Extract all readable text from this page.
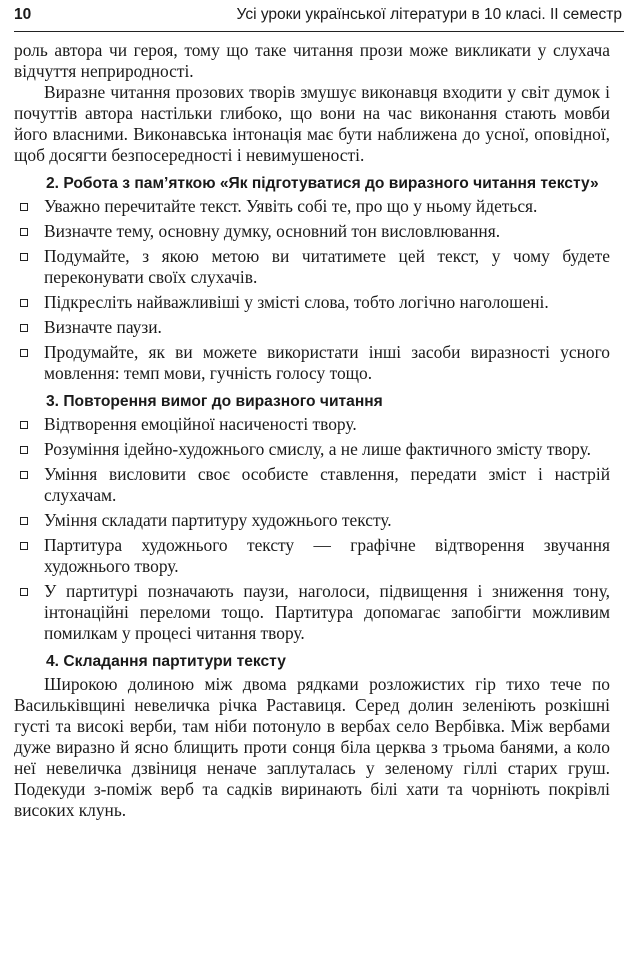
10	Усі уроки української літератури в 10 класі. ІІ семестр

роль автора чи героя, тому що таке читання прози може викликати у слухача відчуття неприродності.

Виразне читання прозових творів змушує виконавця входити у світ думок і почуттів автора настільки глибоко, що вони на час виконання стають мовби його власними. Виконавська інтонація має бути наближена до усної, оповідної, щоб досягти безпосередності і невимушеності.

2. Робота з пам’яткою «Як підготуватися до виразного читання тексту»
Уважно перечитайте текст. Уявіть собі те, про що у ньому йдеться.
Визначте тему, основну думку, основний тон висловлювання.
Подумайте, з якою метою ви читатимете цей текст, у чому будете переконувати своїх слухачів.
Підкресліть найважливіші у змісті слова, тобто логічно наголошені.
Визначте паузи.
Продумайте, як ви можете використати інші засоби виразності усного мовлення: темп мови, гучність голосу тощо.
3. Повторення вимог до виразного читання
Відтворення емоційної насиченості твору.
Розуміння ідейно-художнього смислу, а не лише фактичного змісту твору.
Уміння висловити своє особисте ставлення, передати зміст і настрій слухачам.
Уміння складати партитуру художнього тексту.
Партитура художнього тексту — графічне відтворення звучання художнього твору.
У партитурі позначають паузи, наголоси, підвищення і зниження тону, інтонаційні переломи тощо. Партитура допомагає запобігти можливим помилкам у процесі читання твору.
4. Складання партитури тексту

Широкою долиною між двома рядками розложистих гір тихо тече по Васильківщині невеличка річка Раставиця. Серед долин зеленіють розкішні густі та високі верби, там ніби потонуло в вербах село Вербівка. Між вербами дуже виразно й ясно блищить проти сонця біла церква з трьома банями, а коло неї невеличка дзвіниця неначе заплуталась у зеленому гіллі старих груш. Подекуди з-поміж верб та садків виринають білі хати та чорніють покрівлі високих клунь.
